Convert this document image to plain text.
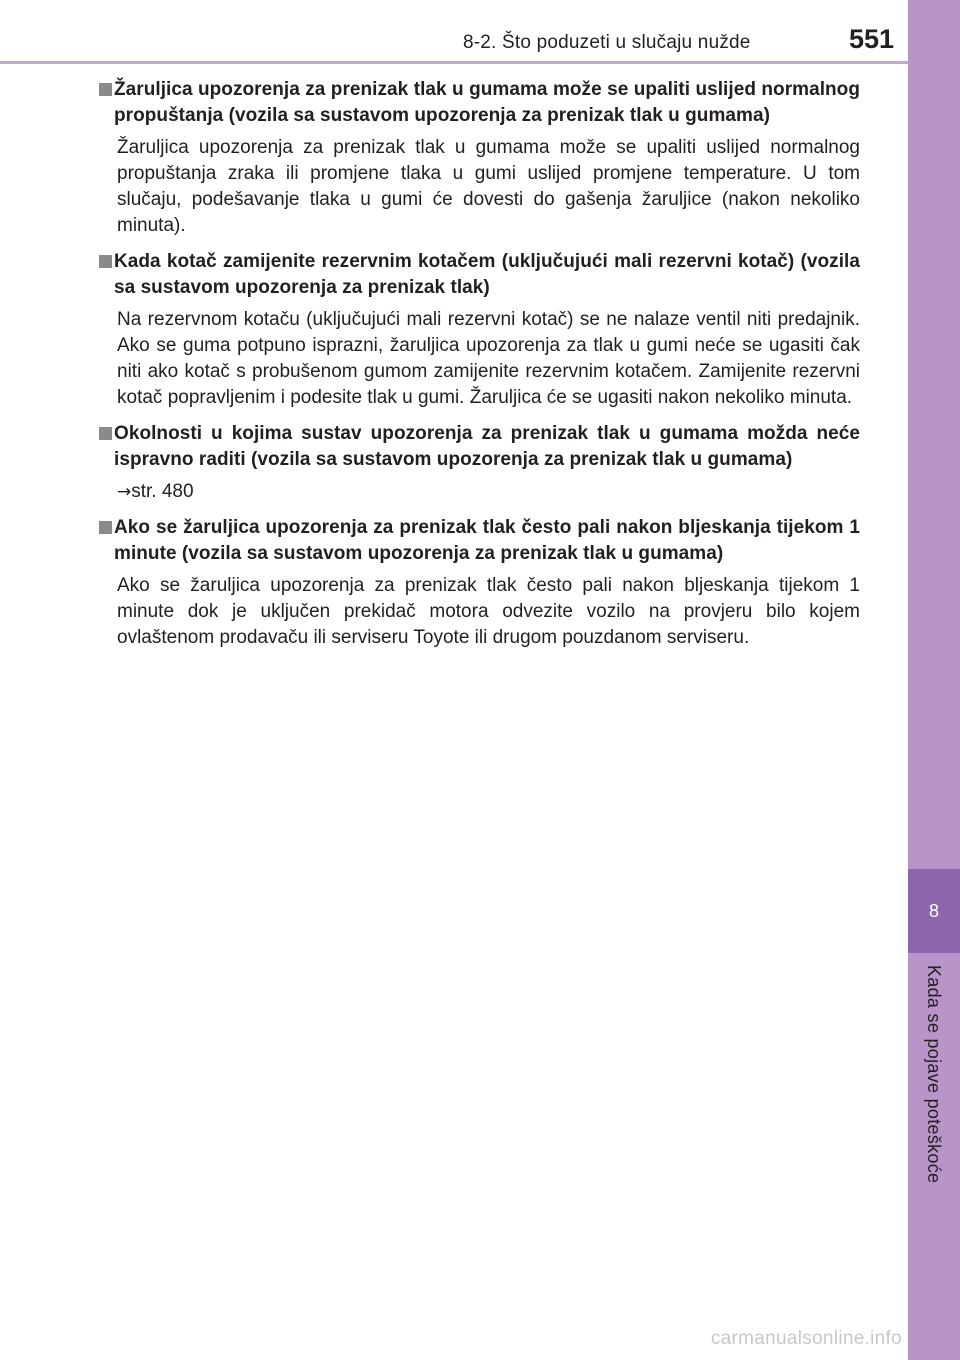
8-2. Što poduzeti u slučaju nužde	551
8
Kada se pojave poteškoće
Žaruljica upozorenja za prenizak tlak u gumama može se upaliti uslijed normalnog propuštanja (vozila sa sustavom upozorenja za prenizak tlak u gumama)
Žaruljica upozorenja za prenizak tlak u gumama može se upaliti uslijed normalnog propuštanja zraka ili promjene tlaka u gumi uslijed promjene temperature. U tom slučaju, podešavanje tlaka u gumi će dovesti do gašenja žaruljice (nakon nekoliko minuta).
Kada kotač zamijenite rezervnim kotačem (uključujući mali rezervni kotač) (vozila sa sustavom upozorenja za prenizak tlak)
Na rezervnom kotaču (uključujući mali rezervni kotač) se ne nalaze ventil niti predajnik. Ako se guma potpuno isprazni, žaruljica upozorenja za tlak u gumi neće se ugasiti čak niti ako kotač s probušenom gumom zamijenite rezervnim kotačem. Zamijenite rezervni kotač popravljenim i podesite tlak u gumi. Žaruljica će se ugasiti nakon nekoliko minuta.
Okolnosti u kojima sustav upozorenja za prenizak tlak u gumama možda neće ispravno raditi (vozila sa sustavom upozorenja za prenizak tlak u gumama)
→str. 480
Ako se žaruljica upozorenja za prenizak tlak često pali nakon bljeskanja tijekom 1 minute (vozila sa sustavom upozorenja za prenizak tlak u gumama)
Ako se žaruljica upozorenja za prenizak tlak često pali nakon bljeskanja tijekom 1 minute dok je uključen prekidač motora odvezite vozilo na provjeru bilo kojem ovlaštenom prodavaču ili serviseru Toyote ili drugom pouzdanom serviseru.
carmanualsonline.info
